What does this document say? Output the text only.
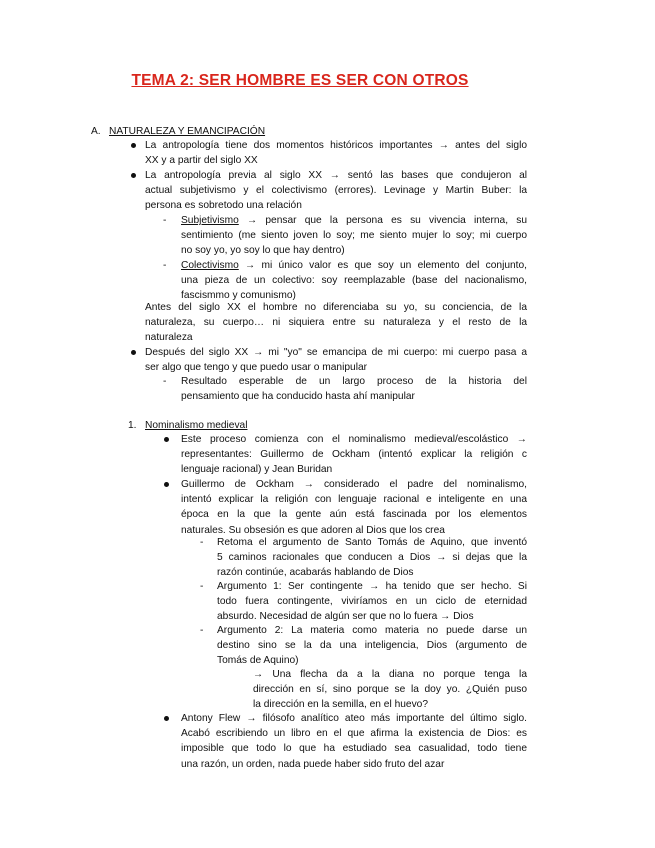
TEMA 2: SER HOMBRE ES SER CON OTROS
A. NATURALEZA Y EMANCIPACIÓN
La antropología tiene dos momentos históricos importantes → antes del siglo
XX y a partir del siglo XX
La antropología previa al siglo XX → sentó las bases que condujeron al
actual subjetivismo y el colectivismo (errores). Levinage y Martin Buber: la
persona es sobretodo una relación
- Subjetivismo → pensar que la persona es su vivencia interna, su
sentimiento (me siento joven lo soy; me siento mujer lo soy; mi cuerpo
no soy yo, yo soy lo que hay dentro)
- Colectivismo → mi único valor es que soy un elemento del conjunto,
una pieza de un colectivo: soy reemplazable (base del nacionalismo,
fascismmo y comunismo)
Antes del siglo XX el hombre no diferenciaba su yo, su conciencia, de la
naturaleza, su cuerpo… ni siquiera entre su naturaleza y el resto de la
naturaleza
Después del siglo XX → mi "yo" se emancipa de mi cuerpo: mi cuerpo pasa a
ser algo que tengo y que puedo usar o manipular
- Resultado esperable de un largo proceso de la historia del
pensamiento que ha conducido hasta ahí manipular
1. Nominalismo medieval
Este proceso comienza con el nominalismo medieval/escolástico →
representantes: Guillermo de Ockham (intentó explicar la religión c
lenguaje racional) y Jean Buridan
Guillermo de Ockham → considerado el padre del nominalismo,
intentó explicar la religión con lenguaje racional e inteligente en una
época en la que la gente aún está fascinada por los elementos
naturales. Su obsesión es que adoren al Dios que los crea
- Retoma el argumento de Santo Tomás de Aquino, que inventó
5 caminos racionales que conducen a Dios → si dejas que la
razón continúe, acabarás hablando de Dios
- Argumento 1: Ser contingente → ha tenido que ser hecho. Si
todo fuera contingente, viviríamos en un ciclo de eternidad
absurdo. Necesidad de algún ser que no lo fuera → Dios
- Argumento 2: La materia como materia no puede darse un
destino sino se la da una inteligencia, Dios (argumento de
Tomás de Aquino)
→ Una flecha da a la diana no porque tenga la
dirección en sí, sino porque se la doy yo. ¿Quién puso
la dirección en la semilla, en el huevo?
Antony Flew → filósofo analítico ateo más importante del último siglo.
Acabó escribiendo un libro en el que afirma la existencia de Dios: es
imposible que todo lo que ha estudiado sea casualidad, todo tiene
una razón, un orden, nada puede haber sido fruto del azar
